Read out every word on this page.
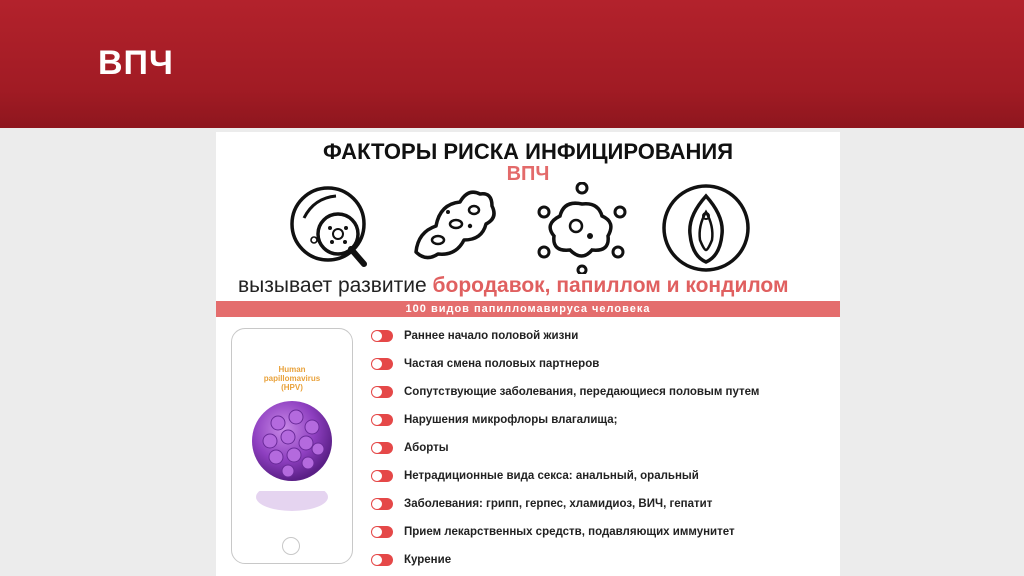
ВПЧ
ФАКТОРЫ РИСКА ИНФИЦИРОВАНИЯ
ВПЧ
вызывает развитие бородавок, папиллом и кондилом
100 видов папилломавируса человека
Human
papillomavirus
(HPV)
Раннее начало половой жизни
Частая смена половых партнеров
Сопутствующие заболевания, передающиеся половым путем
Нарушения микрофлоры влагалища;
Аборты
Нетрадиционные вида секса: анальный, оральный
Заболевания: грипп, герпес, хламидиоз, ВИЧ, гепатит
Прием лекарственных средств, подавляющих иммунитет
Курение
